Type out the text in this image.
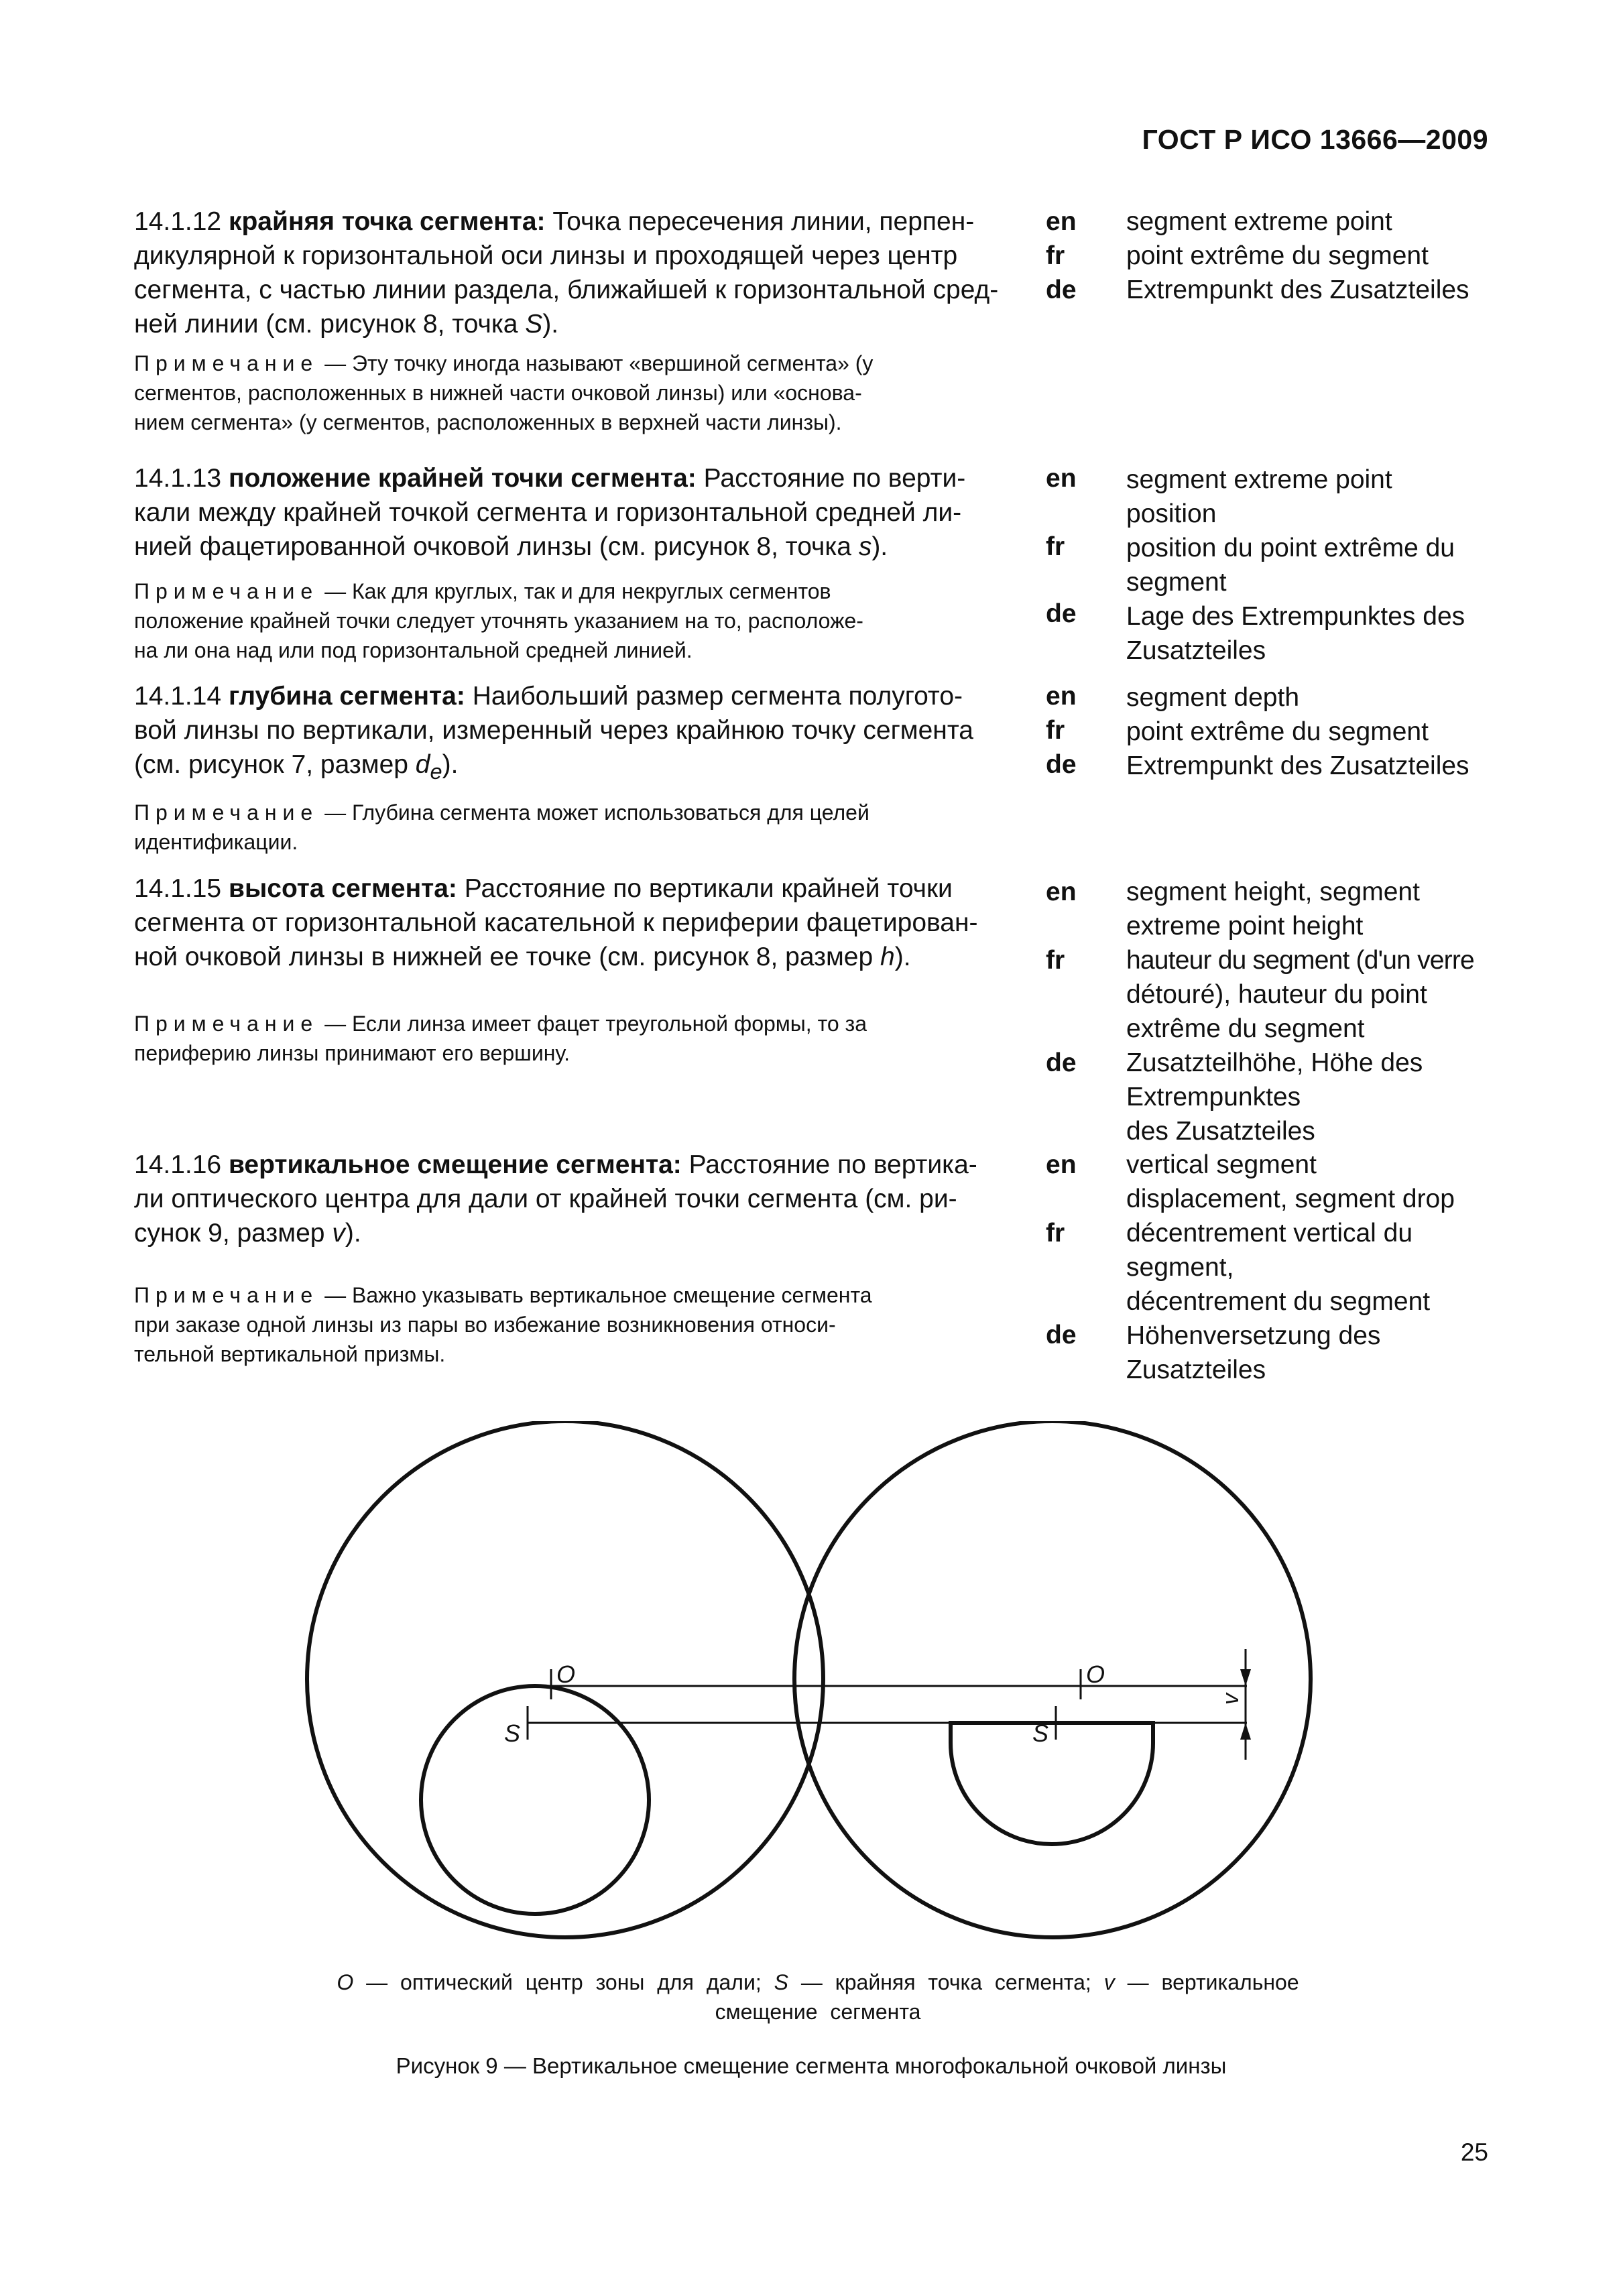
ГОСТ Р ИСО 13666—2009
14.1.12 крайняя точка сегмента: Точка пересечения линии, перпен-
дикулярной к горизонтальной оси линзы и проходящей через центр
сегмента, с частью линии раздела, ближайшей к горизонтальной сред-
ней линии (см. рисунок 8, точка S).
Примечание — Эту точку иногда называют «вершиной сегмента» (у
сегментов, расположенных в нижней части очковой линзы) или «основа-
нием сегмента» (у сегментов, расположенных в верхней части линзы).
en
fr
de
segment extreme point
point extrême du segment
Extrempunkt des Zusatzteiles
14.1.13 положение крайней точки сегмента: Расстояние по верти-
кали между крайней точкой сегмента и горизонтальной средней ли-
нией фацетированной очковой линзы (см. рисунок 8, точка s).
Примечание — Как для круглых, так и для некруглых сегментов
положение крайней точки следует уточнять указанием на то, расположе-
на ли она над или под горизонтальной средней линией.
en
fr
de
segment extreme point
position
position du point extrême du
segment
Lage des Extrempunktes des
Zusatzteiles
14.1.14 глубина сегмента: Наибольший размер сегмента полугото-
вой линзы по вертикали, измеренный через крайнюю точку сегмента
(см. рисунок 7, размер $d_e$).
Примечание — Глубина сегмента может использоваться для целей
идентификации.
en
fr
de
segment depth
point extrême du segment
Extrempunkt des Zusatzteiles
14.1.15 высота сегмента: Расстояние по вертикали крайней точки
сегмента от горизонтальной касательной к периферии фацетирован-
ной очковой линзы в нижней ее точке (см. рисунок 8, размер h).
Примечание — Если линза имеет фацет треугольной формы, то за
периферию линзы принимают его вершину.
en
fr
de
segment height, segment
extreme point height
hauteur du segment (d'un verre
détouré), hauteur du point
extrême du segment
Zusatzteilhöhe, Höhe des
Extrempunktes
des Zusatzteiles
14.1.16 вертикальное смещение сегмента: Расстояние по вертика-
ли оптического центра для дали от крайней точки сегмента (см. ри-
сунок 9, размер v).
Примечание — Важно указывать вертикальное смещение сегмента
при заказе одной линзы из пары во избежание возникновения относи-
тельной вертикальной призмы.
en
fr
de
vertical segment
displacement, segment drop
décentrement vertical du
segment,
décentrement du segment
Höhenversetzung des
Zusatzteiles
O
S
O
S
v
O — оптический центр зоны для дали; S — крайняя точка сегмента; v — вертикальное
смещение сегмента
Рисунок 9 — Вертикальное смещение сегмента многофокальной очковой линзы
25
